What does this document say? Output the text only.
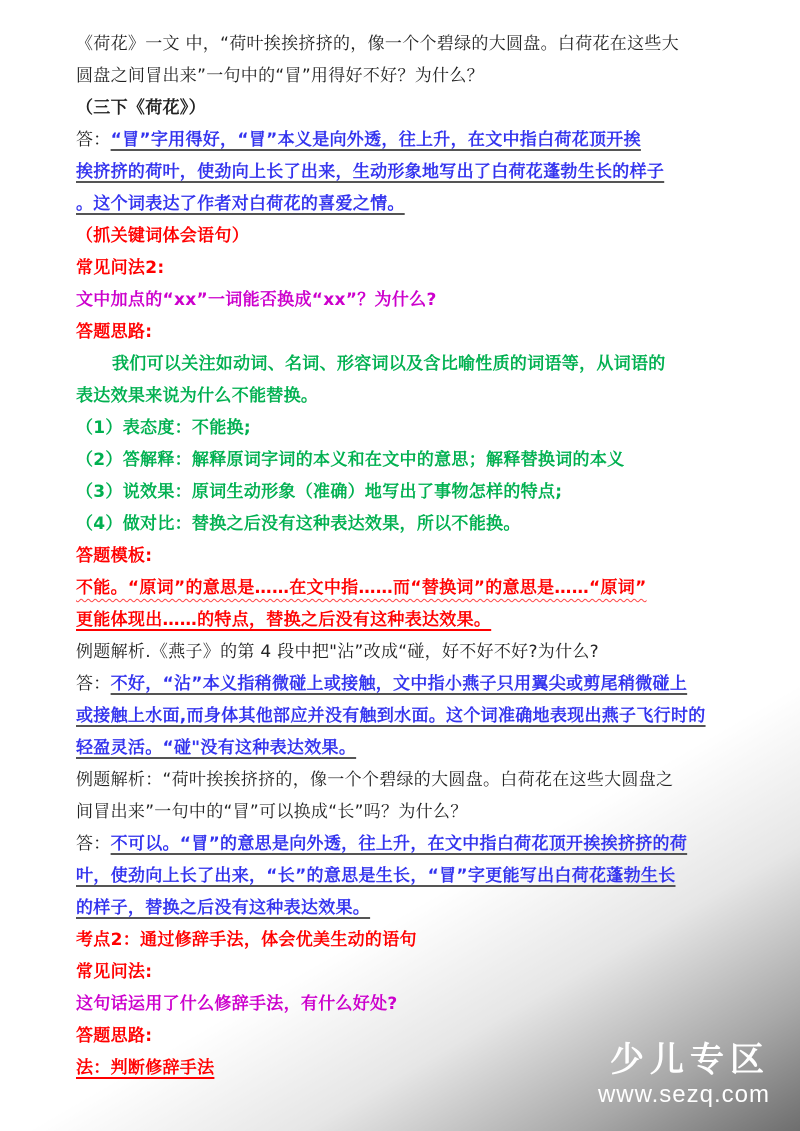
《荷花》一文 中，“荷叶挨挨挤挤的，像一个个碧绿的大圆盘。白荷花在这些大
圆盘之间冒出来”一句中的“冒”用得好不好？为什么？
（三下《荷花》）
答：“冒”字用得好，“冒”本义是向外透，往上升，在文中指白荷花顶开挨
挨挤挤的荷叶，使劲向上长了出来，生动形象地写出了白荷花蓬勃生长的样子
。这个词表达了作者对白荷花的喜爱之情。
（抓关键词体会语句）
常见问法2:
文中加点的“xx”一词能否换成“xx”？为什么?
答题思路:
我们可以关注如动词、名词、形容词以及含比喻性质的词语等，从词语的
表达效果来说为什么不能替换。
（1）表态度：不能换;
（2）答解释：解释原词字词的本义和在文中的意思；解释替换词的本义
（3）说效果：原词生动形象（准确）地写出了事物怎样的特点;
（4）做对比：替换之后没有这种表达效果，所以不能换。
答题模板:
不能。“原词”的意思是……在文中指……而“替换词”的意思是……“原词”
更能体现出……的特点，替换之后没有这种表达效果。
例题解析.《燕子》的第 4 段中把"沾”改成“碰，好不好不好?为什么?
答：不好，“沾”本义指稍微碰上或接触，文中指小燕子只用翼尖或剪尾稍微碰上
或接触上水面,而身体其他部应并没有触到水面。这个词准确地表现出燕子飞行时的
轻盈灵活。“碰"没有这种表达效果。
例题解析：“荷叶挨挨挤挤的，像一个个碧绿的大圆盘。白荷花在这些大圆盘之
间冒出来”一句中的“冒”可以换成“长”吗？为什么？
答：不可以。“冒”的意思是向外透，往上升，在文中指白荷花顶开挨挨挤挤的荷
叶，使劲向上长了出来，“长”的意思是生长，“冒”字更能写出白荷花蓬勃生长
的样子，替换之后没有这种表达效果。
考点2：通过修辞手法，体会优美生动的语句
常见问法:
这句话运用了什么修辞手法，有什么好处?
答题思路:
法：判断修辞手法	少儿专区
www.sezq.com
